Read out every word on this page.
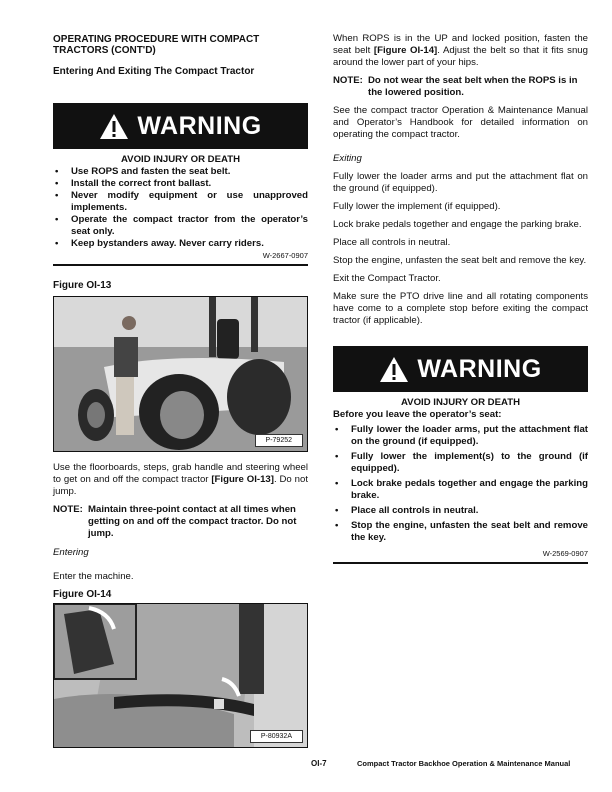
OPERATING PROCEDURE WITH COMPACT TRACTORS (CONT'D)
Entering And Exiting The Compact Tractor
WARNING
AVOID INJURY OR DEATH
• Use ROPS and fasten the seat belt.
• Install the correct front ballast.
• Never modify equipment or use unapproved implements.
• Operate the compact tractor from the operator’s seat only.
• Keep bystanders away. Never carry riders.
W-2667-0907
Figure OI-13
P-79252

Use the floorboards, steps, grab handle and steering wheel to get on and off the compact tractor [Figure OI-13]. Do not jump.

NOTE: Maintain three-point contact at all times when getting on and off the compact tractor. Do not jump.
Entering
Enter the machine.
Figure OI-14
P-80932A

When ROPS is in the UP and locked position, fasten the seat belt [Figure OI-14]. Adjust the belt so that it fits snug around the lower part of your hips.

NOTE: Do not wear the seat belt when the ROPS is in the lowered position.

See the compact tractor Operation & Maintenance Manual and Operator’s Handbook for detailed information on operating the compact tractor.

Exiting

Fully lower the loader arms and put the attachment flat on the ground (if equipped).

Fully lower the implement (if equipped).

Lock brake pedals together and engage the parking brake.

Place all controls in neutral.

Stop the engine, unfasten the seat belt and remove the key.

Exit the Compact Tractor.

Make sure the PTO drive line and all rotating components have come to a complete stop before exiting the compact tractor (if applicable).

WARNING
AVOID INJURY OR DEATH
Before you leave the operator’s seat:
• Fully lower the loader arms, put the attachment flat on the ground (if equipped).
• Fully lower the implement(s) to the ground (if equipped).
• Lock brake pedals together and engage the parking brake.
• Place all controls in neutral.
• Stop the engine, unfasten the seat belt and remove the key.
W-2569-0907
OI-7	Compact Tractor Backhoe Operation & Maintenance Manual
